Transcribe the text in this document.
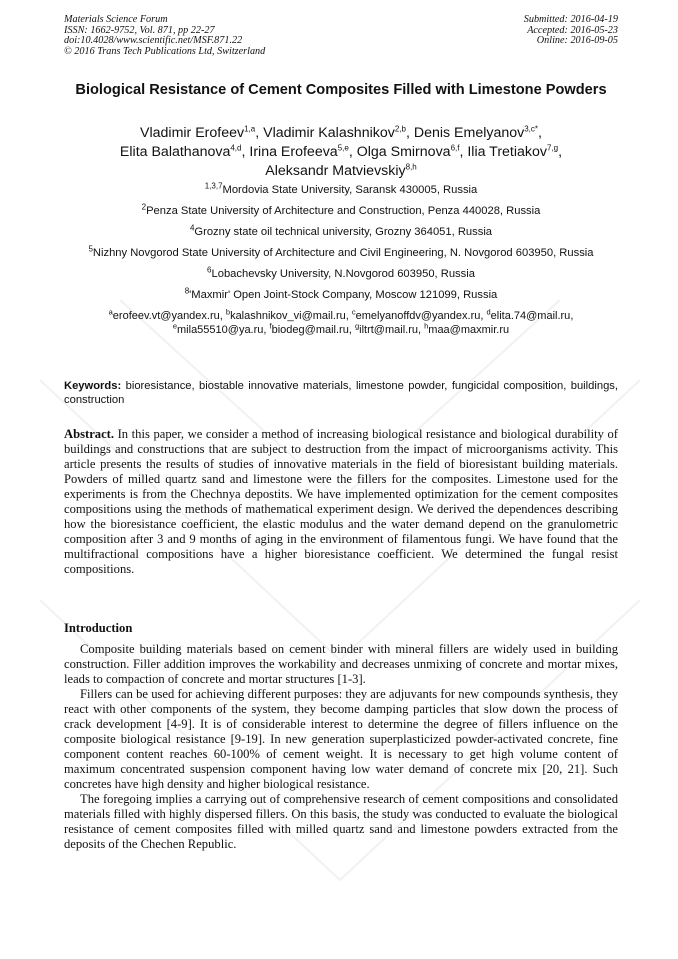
Materials Science Forum
ISSN: 1662-9752, Vol. 871, pp 22-27
doi:10.4028/www.scientific.net/MSF.871.22
© 2016 Trans Tech Publications Ltd, Switzerland
Submitted: 2016-04-19
Accepted: 2016-05-23
Online: 2016-09-05
Biological Resistance of Cement Composites Filled with Limestone Powders
Vladimir Erofeev$^{1,a}$, Vladimir Kalashnikov$^{2,b}$, Denis Emelyanov$^{3,c*}$,
Elita Balathanova$^{4,d}$, Irina Erofeeva$^{5,e}$, Olga Smirnova$^{6,f}$, Ilia Tretiakov$^{7,g}$,
Aleksandr Matvievskiy$^{8,h}$
$^{1,3,7}$Mordovia State University, Saransk 430005, Russia
$^2$Penza State University of Architecture and Construction, Penza 440028, Russia
$^4$Grozny state oil technical university, Grozny 364051, Russia
$^5$Nizhny Novgorod State University of Architecture and Civil Engineering, N. Novgorod 603950, Russia
$^6$Lobachevsky University, N.Novgorod 603950, Russia
$^8$'Maxmir' Open Joint-Stock Company, Moscow 121099, Russia
$^a$erofeev.vt@yandex.ru, $^b$kalashnikov_vi@mail.ru, $^c$emelyanoffdv@yandex.ru, $^d$elita.74@mail.ru,
$^e$mila55510@ya.ru, $^f$biodeg@mail.ru, $^g$iltrt@mail.ru, $^h$maa@maxmir.ru
Keywords: bioresistance, biostable innovative materials, limestone powder, fungicidal composition, buildings, construction
Abstract. In this paper, we consider a method of increasing biological resistance and biological durability of buildings and constructions that are subject to destruction from the impact of microorganisms activity. This article presents the results of studies of innovative materials in the field of bioresistant building materials. Powders of milled quartz sand and limestone were the fillers for the composites. Limestone used for the experiments is from the Chechnya depostits. We have implemented optimization for the cement composites compositions using the methods of mathematical experiment design. We derived the dependences describing how the bioresistance coefficient, the elastic modulus and the water demand depend on the granulometric composition after 3 and 9 months of aging in the environment of filamentous fungi. We have found that the multifractional compositions have a higher bioresistance coefficient. We determined the fungal resist compositions.
Introduction

Composite building materials based on cement binder with mineral fillers are widely used in building construction. Filler addition improves the workability and decreases unmixing of concrete and mortar mixes, leads to compaction of concrete and mortar structures [1-3].

Fillers can be used for achieving different purposes: they are adjuvants for new compounds synthesis, they react with other components of the system, they become damping particles that slow down the process of crack development [4-9]. It is of considerable interest to determine the degree of fillers influence on the composite biological resistance [9-19]. In new generation superplasticized powder-activated concrete, fine component content reaches 60-100% of cement weight. It is necessary to get high volume content of maximum concentrated suspension component having low water demand of concrete mix [20, 21]. Such concretes have high density and higher biological resistance.

The foregoing implies a carrying out of comprehensive research of cement compositions and consolidated materials filled with highly dispersed fillers. On this basis, the study was conducted to evaluate the biological resistance of cement composites filled with milled quartz sand and limestone powders extracted from the deposits of the Chechen Republic.
